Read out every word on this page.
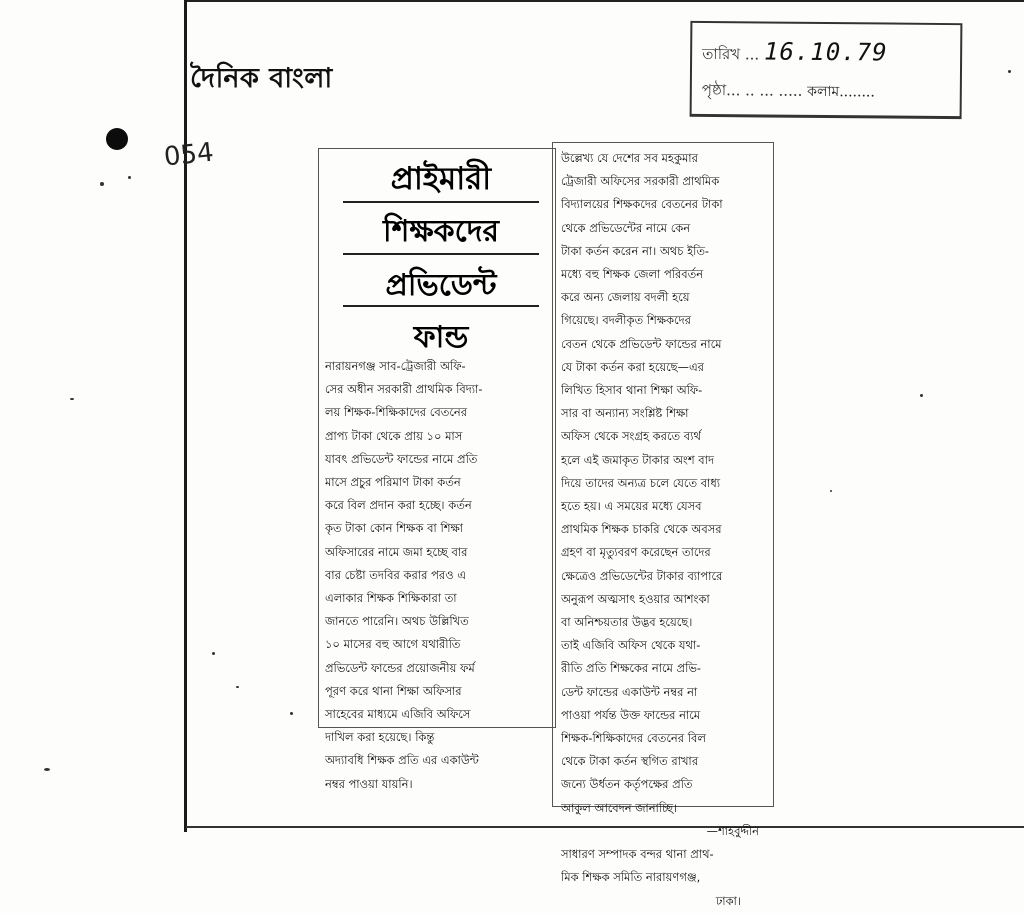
054
দৈনিক বাংলা
তারিখ ... 16.10.79
পৃষ্ঠা... .. ... ..... কলাম........
প্রাইমারী
শিক্ষকদের
প্রভিডেন্ট
ফান্ড
নারায়নগঞ্জ সাব-ট্রেজারী অফি-
সের অধীন সরকারী প্রাথমিক বিদ্যা-
লয় শিক্ষক-শিক্ষিকাদের বেতনের
প্রাপ্য টাকা থেকে প্রায় ১০ মাস
যাবৎ প্রভিডেন্ট ফান্ডের নামে প্রতি
মাসে প্রচুর পরিমাণ টাকা কর্তন
করে বিল প্রদান করা হচ্ছে। কর্তন
কৃত টাকা কোন শিক্ষক বা শিক্ষা
অফিসারের নামে জমা হচ্ছে বার
বার চেষ্টা তদবির করার পরও এ
এলাকার শিক্ষক শিক্ষিকারা তা
জানতে পারেনি। অথচ উল্লিখিত
১০ মাসের বহু আগে যথারীতি
প্রভিডেন্ট ফান্ডের প্রয়োজনীয় ফর্ম
পূরণ করে থানা শিক্ষা অফিসার
সাহেবের মাধ্যমে এজিবি অফিসে
দাখিল করা হয়েছে। কিন্তু
অদ্যাবধি শিক্ষক প্রতি এর একাউন্ট
নম্বর পাওয়া যায়নি।
উল্লেখ্য যে দেশের সব মহকুমার
ট্রেজারী অফিসের সরকারী প্রাথমিক
বিদ্যালয়ের শিক্ষকদের বেতনের টাকা
থেকে প্রভিডেন্টের নামে কেন
টাকা কর্তন করেন না। অথচ ইতি-
মধ্যে বহু শিক্ষক জেলা পরিবর্তন
করে অন্য জেলায় বদলী হয়ে
গিয়েছে। বদলীকৃত শিক্ষকদের
বেতন থেকে প্রভিডেন্ট ফান্ডের নামে
যে টাকা কর্তন করা হয়েছে—এর
লিখিত হিসাব থানা শিক্ষা অফি-
সার বা অন্যান্য সংশ্লিষ্ট শিক্ষা
অফিস থেকে সংগ্রহ করতে ব্যর্থ
হলে এই জমাকৃত টাকার অংশ বাদ
দিয়ে তাদের অন্যত্র চলে যেতে বাধ্য
হতে হয়। এ সময়ের মধ্যে যেসব
প্রাথমিক শিক্ষক চাকরি থেকে অবসর
গ্রহণ বা মৃত্যুবরণ করেছেন তাদের
ক্ষেত্রেও প্রভিডেন্টের টাকার ব্যাপারে
অনুরূপ অত্মসাৎ হওয়ার আশংকা
বা অনিশ্চয়তার উদ্ভব হয়েছে।
তাই এজিবি অফিস থেকে যথা-
রীতি প্রতি শিক্ষকের নামে প্রভি-
ডেন্ট ফান্ডের একাউন্ট নম্বর না
পাওয়া পর্যন্ত উক্ত ফান্ডের নামে
শিক্ষক-শিক্ষিকাদের বেতনের বিল
থেকে টাকা কর্তন স্থগিত রাখার
জন্যে উর্ধতন কর্তৃপক্ষের প্রতি
আকুল আবেদন জানাচ্ছি।
—শাহবুদ্দীন
সাধারণ সম্পাদক বন্দর থানা প্রাথ-
মিক শিক্ষক সমিতি নারায়ণগঞ্জ,
ঢাকা।
